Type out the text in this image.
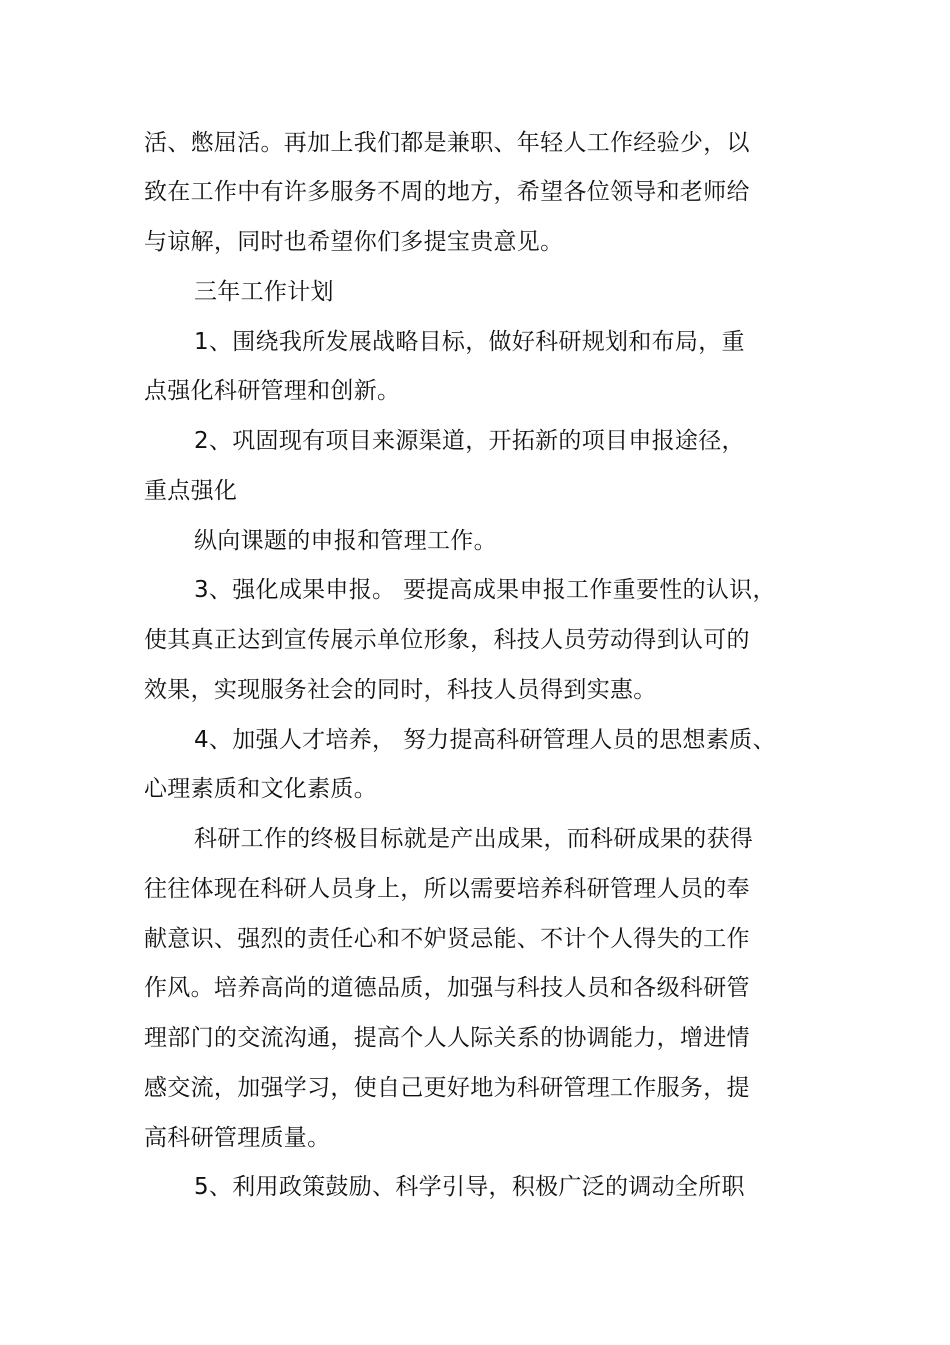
活、憋屈活。再加上我们都是兼职、年轻人工作经验少，以
致在工作中有许多服务不周的地方，希望各位领导和老师给
与谅解，同时也希望你们多提宝贵意见。
三年工作计划
1、围绕我所发展战略目标，做好科研规划和布局，重
点强化科研管理和创新。
2、巩固现有项目来源渠道，开拓新的项目申报途径，
重点强化
纵向课题的申报和管理工作。
3、强化成果申报。 要提高成果申报工作重要性的认识，
使其真正达到宣传展示单位形象，科技人员劳动得到认可的
效果，实现服务社会的同时，科技人员得到实惠。
4、加强人才培养， 努力提高科研管理人员的思想素质、
心理素质和文化素质。
科研工作的终极目标就是产出成果，而科研成果的获得
往往体现在科研人员身上，所以需要培养科研管理人员的奉
献意识、强烈的责任心和不妒贤忌能、不计个人得失的工作
作风。培养高尚的道德品质，加强与科技人员和各级科研管
理部门的交流沟通，提高个人人际关系的协调能力，增进情
感交流，加强学习，使自己更好地为科研管理工作服务，提
高科研管理质量。
5、利用政策鼓励、科学引导，积极广泛的调动全所职
